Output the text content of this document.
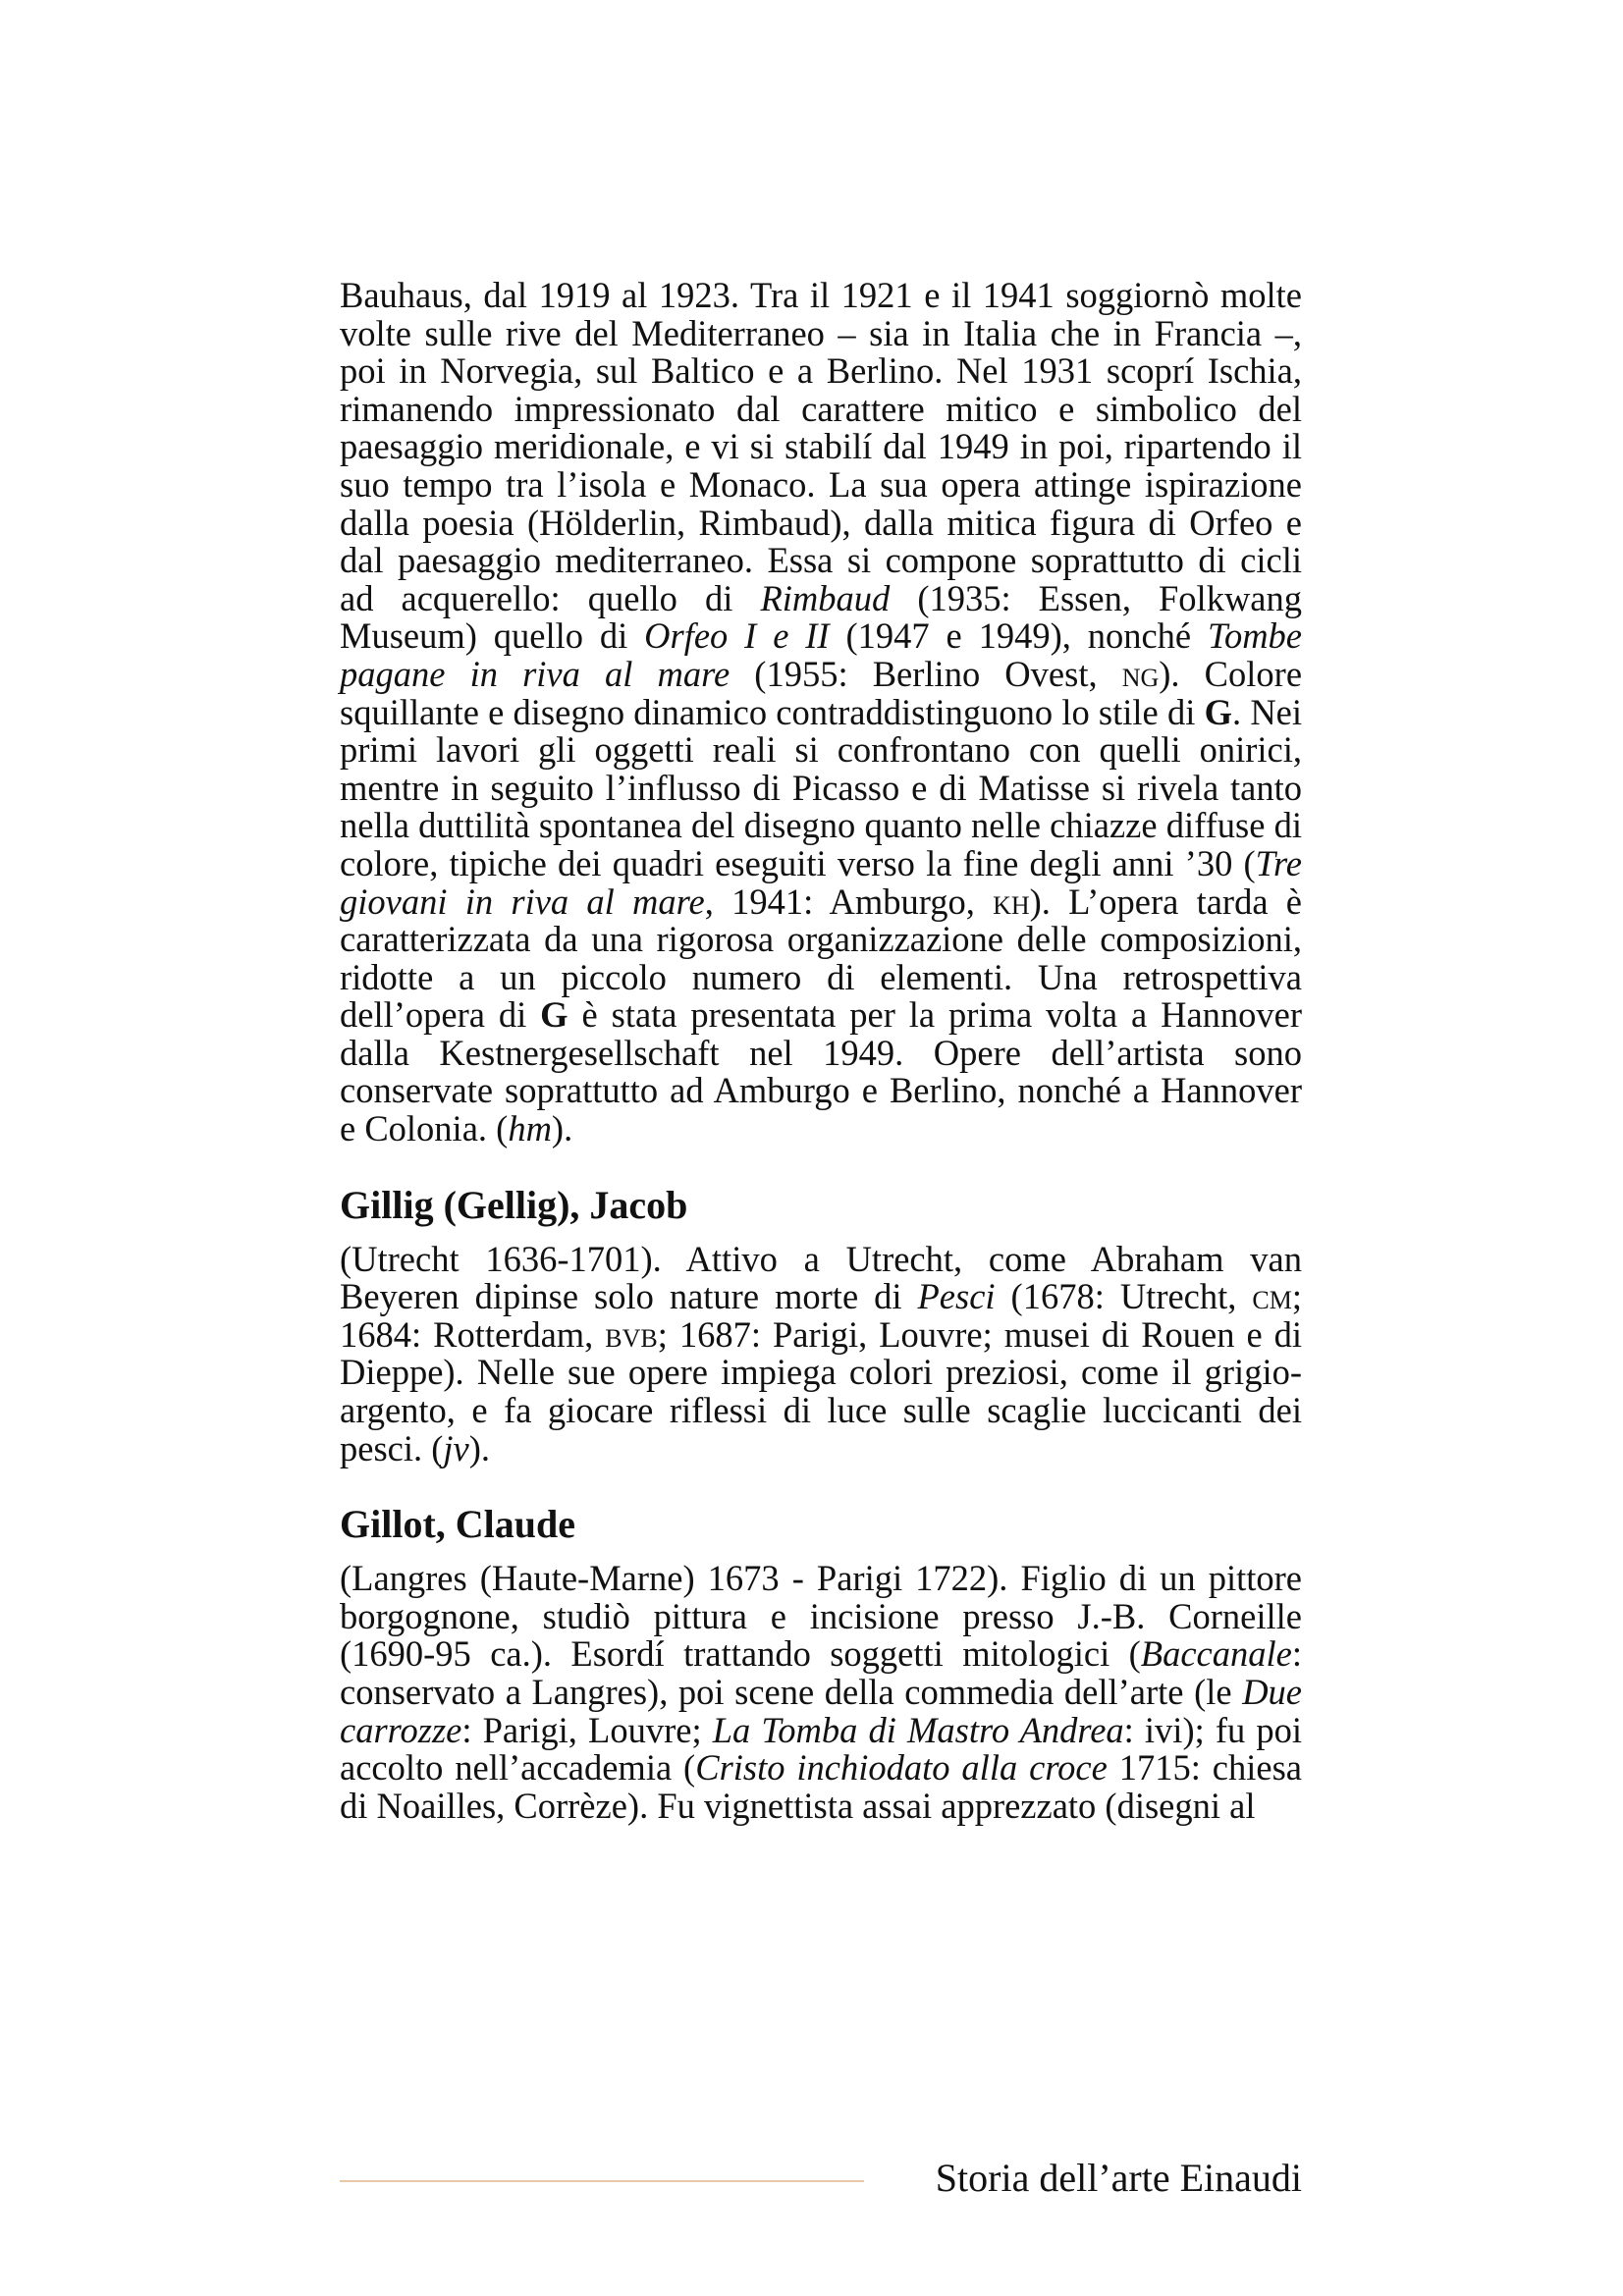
Bauhaus, dal 1919 al 1923. Tra il 1921 e il 1941 soggiornò molte volte sulle rive del Mediterraneo – sia in Italia che in Francia –, poi in Norvegia, sul Baltico e a Berlino. Nel 1931 scoprí Ischia, rimanendo impressionato dal carattere mitico e simbolico del paesaggio meridionale, e vi si stabilí dal 1949 in poi, ripartendo il suo tempo tra l’isola e Monaco. La sua opera attinge ispirazione dalla poesia (Hölderlin, Rimbaud), dalla mitica figura di Orfeo e dal paesaggio mediterraneo. Essa si compone soprattutto di cicli ad acquerello: quello di Rimbaud (1935: Essen, Folkwang Museum) quello di Orfeo I e II (1947 e 1949), nonché Tombe pagane in riva al mare (1955: Berlino Ovest, ng). Colore squillante e disegno dinamico contraddistinguono lo stile di G. Nei primi lavori gli oggetti reali si confrontano con quelli onirici, mentre in seguito l’influsso di Picasso e di Matisse si rivela tanto nella duttilità spontanea del disegno quanto nelle chiazze diffuse di colore, tipiche dei quadri eseguiti verso la fine degli anni ’30 (Tre giovani in riva al mare, 1941: Amburgo, kh). L’opera tarda è caratterizzata da una rigorosa organizzazione delle composizioni, ridotte a un piccolo numero di elementi. Una retrospettiva dell’opera di G è stata presentata per la prima volta a Hannover dalla Kestnergesellschaft nel 1949. Opere dell’artista sono conservate soprattutto ad Amburgo e Berlino, nonché a Hannover e Colonia. (hm).

Gillig (Gellig), Jacob

(Utrecht 1636-1701). Attivo a Utrecht, come Abraham van Beyeren dipinse solo nature morte di Pesci (1678: Utrecht, cm; 1684: Rotterdam, bvb; 1687: Parigi, Louvre; musei di Rouen e di Dieppe). Nelle sue opere impiega colori preziosi, come il grigio-argento, e fa giocare riflessi di luce sulle scaglie luccicanti dei pesci. (jv).

Gillot, Claude

(Langres (Haute-Marne) 1673 - Parigi 1722). Figlio di un pittore borgognone, studiò pittura e incisione presso J.-B. Corneille (1690-95 ca.). Esordí trattando soggetti mitologici (Baccanale: conservato a Langres), poi scene della commedia dell’arte (le Due carrozze: Parigi, Louvre; La Tomba di Mastro Andrea: ivi); fu poi accolto nell’accademia (Cristo inchiodato alla croce 1715: chiesa di Noailles, Corrèze). Fu vignettista assai apprezzato (disegni al

Storia dell’arte Einaudi
